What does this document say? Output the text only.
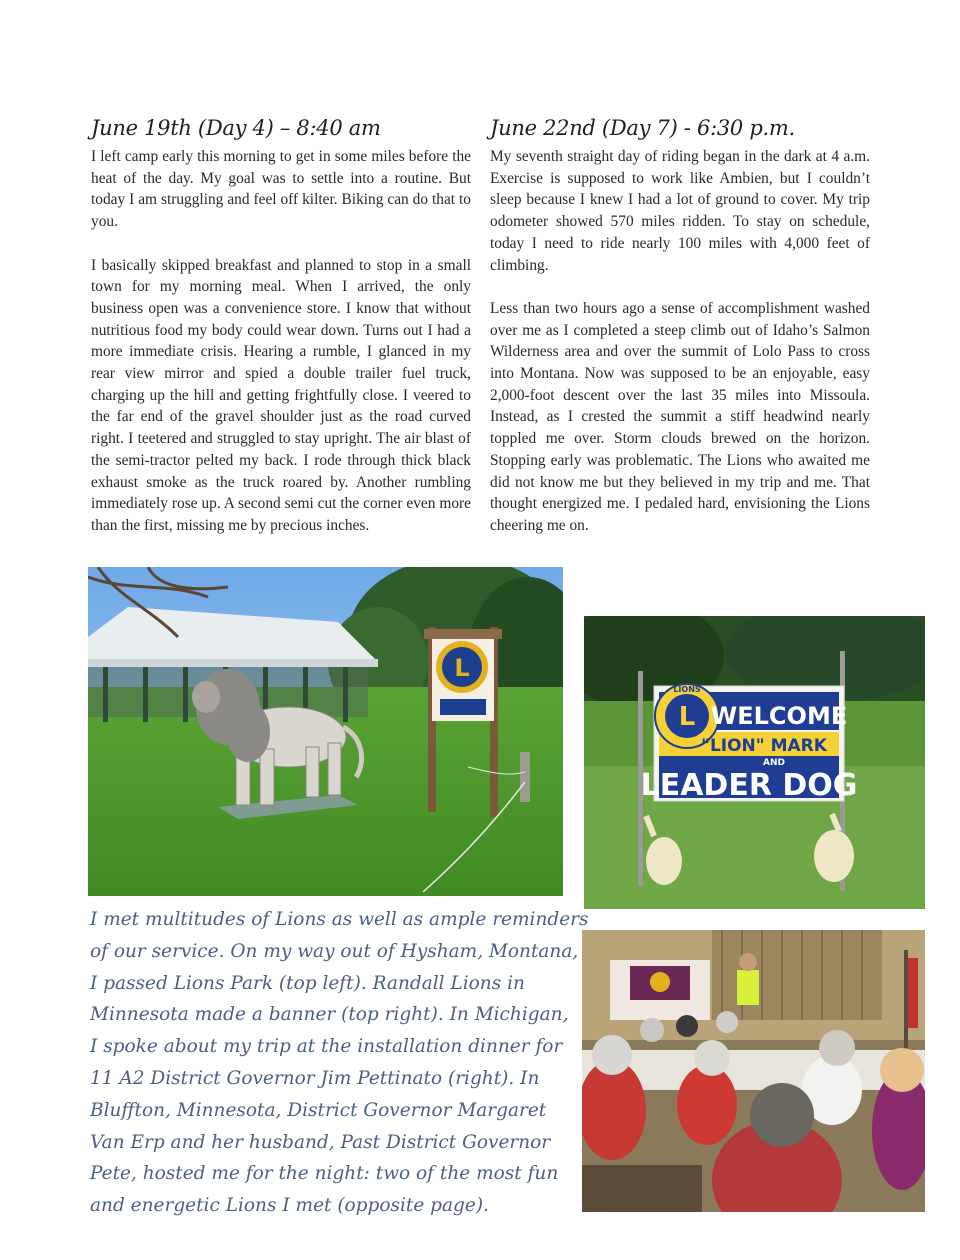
June 19th (Day 4) – 8:40 am

I left camp early this morning to get in some miles before the heat of the day. My goal was to settle into a routine. But today I am struggling and feel off kilter. Biking can do that to you.

I basically skipped breakfast and planned to stop in a small town for my morning meal. When I arrived, the only business open was a convenience store. I know that without nutritious food my body could wear down. Turns out I had a more immediate crisis. Hearing a rumble, I glanced in my rear view mirror and spied a double trailer fuel truck, charging up the hill and getting frightfully close. I veered to the far end of the gravel shoulder just as the road curved right. I teetered and struggled to stay upright. The air blast of the semi-tractor pelted my back. I rode through thick black exhaust smoke as the truck roared by. Another rumbling immediately rose up. A second semi cut the corner even more than the first, missing me by precious inches.

June 22nd (Day 7) - 6:30 p.m.

My seventh straight day of riding began in the dark at 4 a.m. Exercise is supposed to work like Ambien, but I couldn’t sleep because I knew I had a lot of ground to cover. My trip odometer showed 570 miles ridden. To stay on schedule, today I need to ride nearly 100 miles with 4,000 feet of climbing.

Less than two hours ago a sense of accomplishment washed over me as I completed a steep climb out of Idaho’s Salmon Wilderness area and over the summit of Lolo Pass to cross into Montana. Now was supposed to be an enjoyable, easy 2,000-foot descent over the last 35 miles into Missoula. Instead, as I crested the summit a stiff headwind nearly toppled me over. Storm clouds brewed on the horizon. Stopping early was problematic. The Lions who awaited me did not know me but they believed in my trip and me. That thought energized me. I pedaled hard, envisioning the Lions cheering me on.

L
L
LIONS
WELCOME
"LION" MARK
AND
LEADER DOG
I met multitudes of Lions as well as ample reminders
of our service. On my way out of Hysham, Montana,
I passed Lions Park (top left). Randall Lions in
Minnesota made a banner (top right). In Michigan,
I spoke about my trip at the installation dinner for
11 A2 District Governor Jim Pettinato (right). In
Bluffton, Minnesota, District Governor Margaret
Van Erp and her husband, Past District Governor
Pete, hosted me for the night: two of the most fun
and energetic Lions I met (opposite page).
